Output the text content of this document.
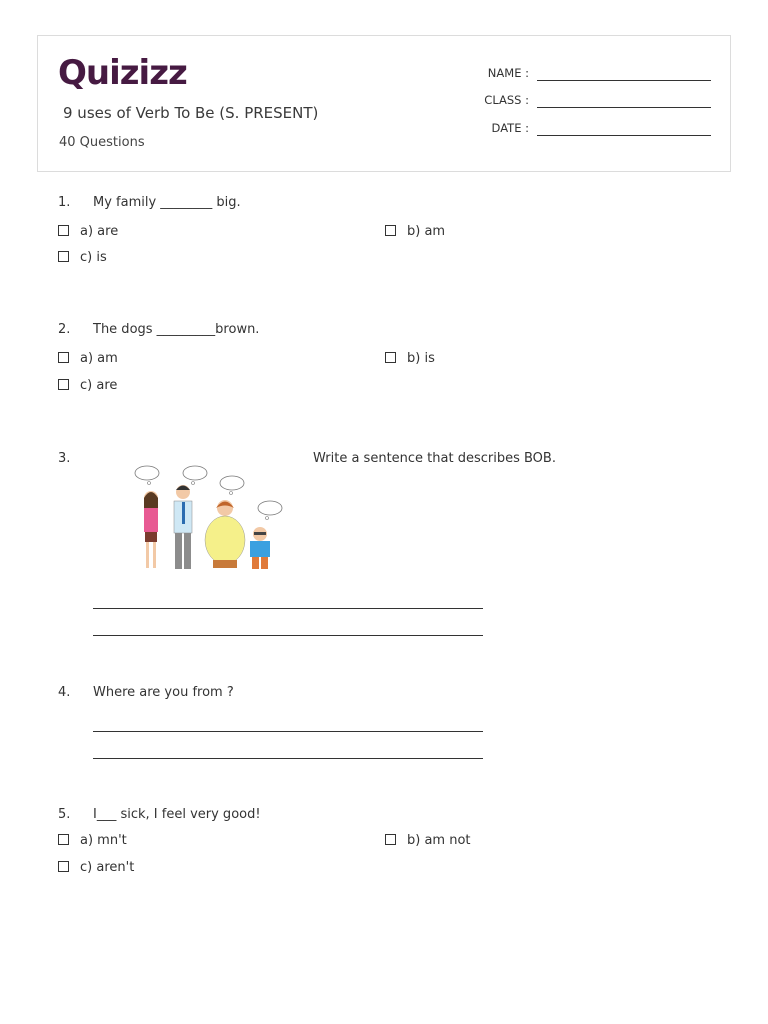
Quizizz
9 uses of Verb To Be (S. PRESENT)
40 Questions
NAME :
CLASS :
DATE :
1. My family ________ big.
a) are	b) am
c) is
2. The dogs _________brown.
a) am	b) is
c) are
3.	Write a sentence that describes BOB.
4. Where are you from ?
5. I___ sick, I feel very good!
a) mn't	b) am not
c) aren't
